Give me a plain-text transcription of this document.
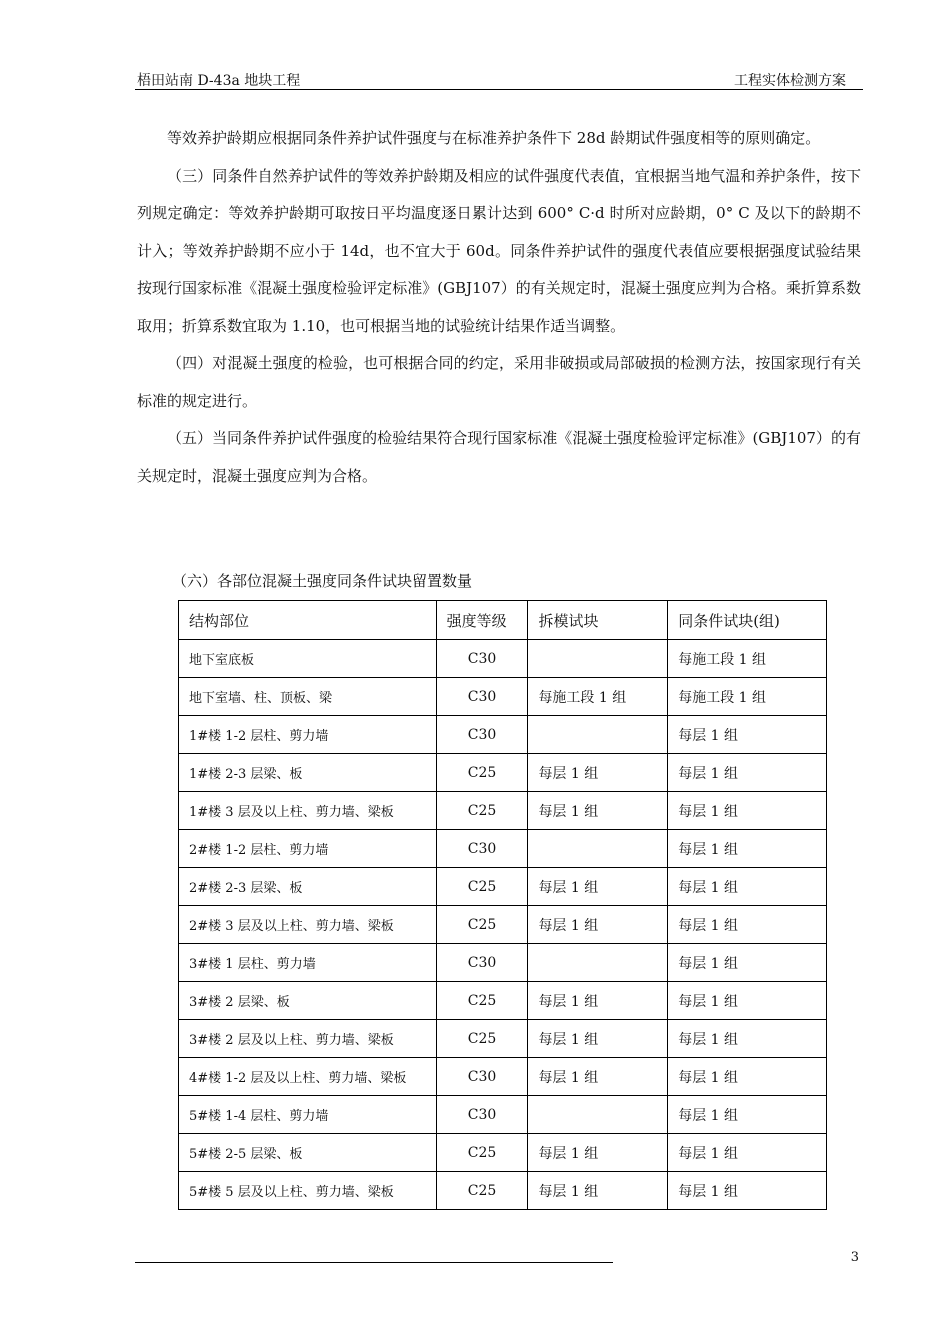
梧田站南 D-43a 地块工程	工程实体检测方案

等效养护龄期应根据同条件养护试件强度与在标准养护条件下 28d 龄期试件强度相等的原则确定。

（三）同条件自然养护试件的等效养护龄期及相应的试件强度代表值，宜根据当地气温和养护条件，按下列规定确定：等效养护龄期可取按日平均温度逐日累计达到 600° C·d 时所对应龄期，0° C 及以下的龄期不计入；等效养护龄期不应小于 14d，也不宜大于 60d。同条件养护试件的强度代表值应要根据强度试验结果按现行国家标准《混凝土强度检验评定标准》(GBJ107）的有关规定时，混凝土强度应判为合格。乘折算系数取用；折算系数宜取为 1.10，也可根据当地的试验统计结果作适当调整。

（四）对混凝土强度的检验，也可根据合同的约定，采用非破损或局部破损的检测方法，按国家现行有关标准的规定进行。

（五）当同条件养护试件强度的检验结果符合现行国家标准《混凝土强度检验评定标准》(GBJ107）的有关规定时，混凝土强度应判为合格。

（六）各部位混凝土强度同条件试块留置数量
结构部位	强度等级	拆模试块	同条件试块(组)
地下室底板	C30		每施工段 1 组
地下室墙、柱、顶板、梁	C30	每施工段 1 组	每施工段 1 组
1#楼 1-2 层柱、剪力墙	C30		每层 1 组
1#楼 2-3 层梁、板	C25	每层 1 组	每层 1 组
1#楼 3 层及以上柱、剪力墙、梁板	C25	每层 1 组	每层 1 组
2#楼 1-2 层柱、剪力墙	C30		每层 1 组
2#楼 2-3 层梁、板	C25	每层 1 组	每层 1 组
2#楼 3 层及以上柱、剪力墙、梁板	C25	每层 1 组	每层 1 组
3#楼 1 层柱、剪力墙	C30		每层 1 组
3#楼 2 层梁、板	C25	每层 1 组	每层 1 组
3#楼 2 层及以上柱、剪力墙、梁板	C25	每层 1 组	每层 1 组
4#楼 1-2 层及以上柱、剪力墙、梁板	C30	每层 1 组	每层 1 组
5#楼 1-4 层柱、剪力墙	C30		每层 1 组
5#楼 2-5 层梁、板	C25	每层 1 组	每层 1 组
5#楼 5 层及以上柱、剪力墙、梁板	C25	每层 1 组	每层 1 组
3
